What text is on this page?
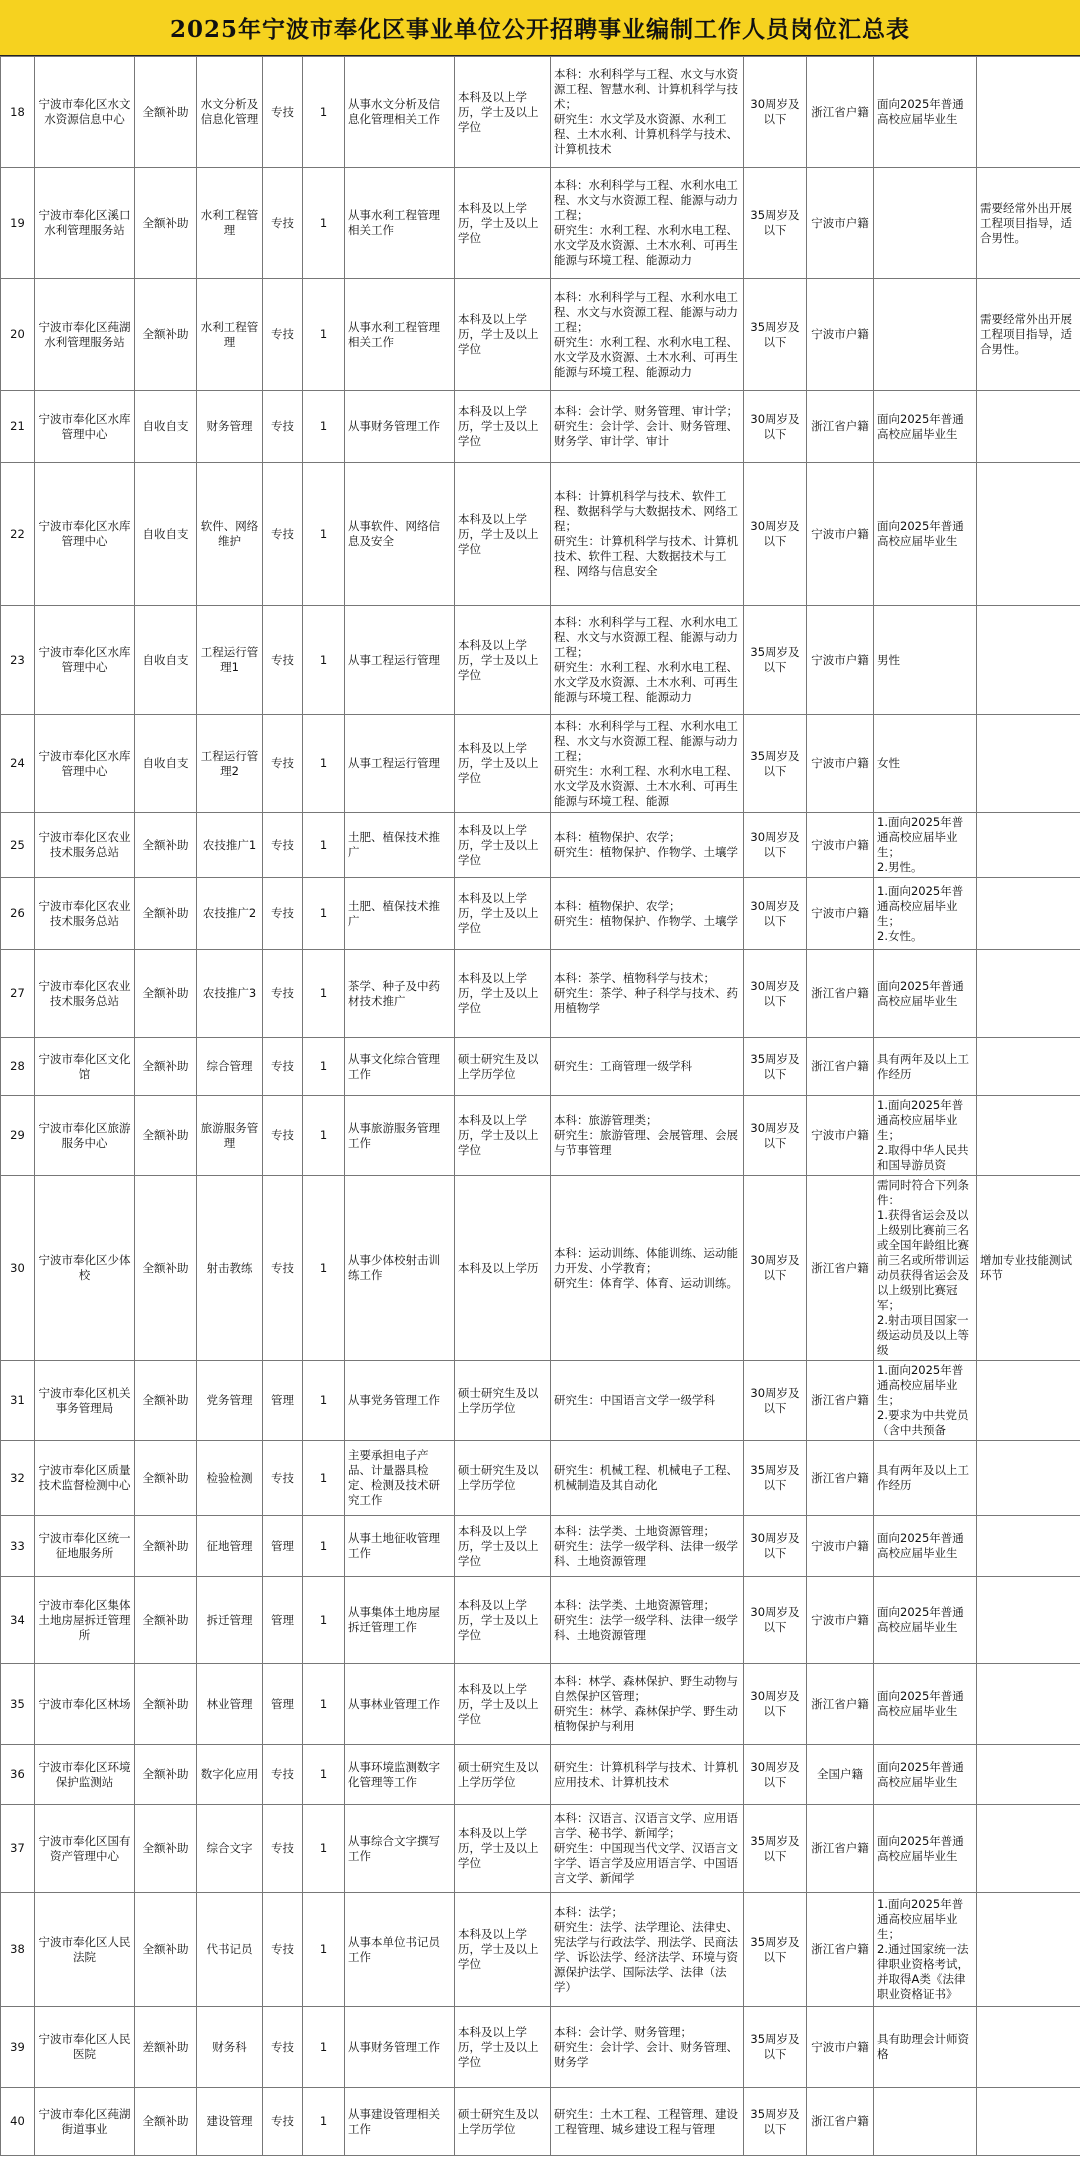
2025年宁波市奉化区事业单位公开招聘事业编制工作人员岗位汇总表
18	宁波市奉化区水文水资源信息中心	全额补助	水文分析及信息化管理	专技	1	从事水文分析及信息化管理相关工作	本科及以上学历，学士及以上学位	本科：水利科学与工程、水文与水资源工程、智慧水利、计算机科学与技术；
研究生：水文学及水资源、水利工程、土木水利、计算机科学与技术、计算机技术	30周岁及以下	浙江省户籍	面向2025年普通高校应届毕业生	
19	宁波市奉化区溪口水利管理服务站	全额补助	水利工程管理	专技	1	从事水利工程管理相关工作	本科及以上学历，学士及以上学位	本科：水利科学与工程、水利水电工程、水文与水资源工程、能源与动力工程；
研究生：水利工程、水利水电工程、水文学及水资源、土木水利、可再生能源与环境工程、能源动力	35周岁及以下	宁波市户籍		需要经常外出开展工程项目指导，适合男性。
20	宁波市奉化区莼湖水利管理服务站	全额补助	水利工程管理	专技	1	从事水利工程管理相关工作	本科及以上学历，学士及以上学位	本科：水利科学与工程、水利水电工程、水文与水资源工程、能源与动力工程；
研究生：水利工程、水利水电工程、水文学及水资源、土木水利、可再生能源与环境工程、能源动力	35周岁及以下	宁波市户籍		需要经常外出开展工程项目指导，适合男性。
21	宁波市奉化区水库管理中心	自收自支	财务管理	专技	1	从事财务管理工作	本科及以上学历，学士及以上学位	本科：会计学、财务管理、审计学；
研究生：会计学、会计、财务管理、财务学、审计学、审计	30周岁及以下	浙江省户籍	面向2025年普通高校应届毕业生	
22	宁波市奉化区水库管理中心	自收自支	软件、网络维护	专技	1	从事软件、网络信息及安全	本科及以上学历，学士及以上学位	本科：计算机科学与技术、软件工程、数据科学与大数据技术、网络工程；
研究生：计算机科学与技术、计算机技术、软件工程、大数据技术与工程、网络与信息安全	30周岁及以下	宁波市户籍	面向2025年普通高校应届毕业生	
23	宁波市奉化区水库管理中心	自收自支	工程运行管理1	专技	1	从事工程运行管理	本科及以上学历，学士及以上学位	本科：水利科学与工程、水利水电工程、水文与水资源工程、能源与动力工程；
研究生：水利工程、水利水电工程、水文学及水资源、土木水利、可再生能源与环境工程、能源动力	35周岁及以下	宁波市户籍	男性	
24	宁波市奉化区水库管理中心	自收自支	工程运行管理2	专技	1	从事工程运行管理	本科及以上学历，学士及以上学位	本科：水利科学与工程、水利水电工程、水文与水资源工程、能源与动力工程；
研究生：水利工程、水利水电工程、水文学及水资源、土木水利、可再生能源与环境工程、能源	35周岁及以下	宁波市户籍	女性	
25	宁波市奉化区农业技术服务总站	全额补助	农技推广1	专技	1	土肥、植保技术推广	本科及以上学历，学士及以上学位	本科：植物保护、农学；
研究生：植物保护、作物学、土壤学	30周岁及以下	宁波市户籍	1.面向2025年普通高校应届毕业生；
2.男性。	
26	宁波市奉化区农业技术服务总站	全额补助	农技推广2	专技	1	土肥、植保技术推广	本科及以上学历，学士及以上学位	本科：植物保护、农学；
研究生：植物保护、作物学、土壤学	30周岁及以下	宁波市户籍	1.面向2025年普通高校应届毕业生；
2.女性。	
27	宁波市奉化区农业技术服务总站	全额补助	农技推广3	专技	1	茶学、种子及中药材技术推广	本科及以上学历，学士及以上学位	本科：茶学、植物科学与技术；
研究生：茶学、种子科学与技术、药用植物学	30周岁及以下	浙江省户籍	面向2025年普通高校应届毕业生	
28	宁波市奉化区文化馆	全额补助	综合管理	专技	1	从事文化综合管理工作	硕士研究生及以上学历学位	研究生：工商管理一级学科	35周岁及以下	浙江省户籍	具有两年及以上工作经历	
29	宁波市奉化区旅游服务中心	全额补助	旅游服务管理	专技	1	从事旅游服务管理工作	本科及以上学历，学士及以上学位	本科：旅游管理类；
研究生：旅游管理、会展管理、会展与节事管理	30周岁及以下	宁波市户籍	1.面向2025年普通高校应届毕业生；
2.取得中华人民共和国导游员资	
30	宁波市奉化区少体校	全额补助	射击教练	专技	1	从事少体校射击训练工作	本科及以上学历	本科：运动训练、体能训练、运动能力开发、小学教育；
研究生：体育学、体育、运动训练。	30周岁及以下	浙江省户籍	需同时符合下列条件：
1.获得省运会及以上级别比赛前三名或全国年龄组比赛前三名或所带训运动员获得省运会及以上级别比赛冠军；
2.射击项目国家一级运动员及以上等级	增加专业技能测试环节
31	宁波市奉化区机关事务管理局	全额补助	党务管理	管理	1	从事党务管理工作	硕士研究生及以上学历学位	研究生：中国语言文学一级学科	30周岁及以下	浙江省户籍	1.面向2025年普通高校应届毕业生；
2.要求为中共党员（含中共预备	
32	宁波市奉化区质量技术监督检测中心	全额补助	检验检测	专技	1	主要承担电子产品、计量器具检定、检测及技术研究工作	硕士研究生及以上学历学位	研究生：机械工程、机械电子工程、机械制造及其自动化	35周岁及以下	浙江省户籍	具有两年及以上工作经历	
33	宁波市奉化区统一征地服务所	全额补助	征地管理	管理	1	从事土地征收管理工作	本科及以上学历，学士及以上学位	本科：法学类、土地资源管理；
研究生：法学一级学科、法律一级学科、土地资源管理	30周岁及以下	宁波市户籍	面向2025年普通高校应届毕业生	
34	宁波市奉化区集体土地房屋拆迁管理所	全额补助	拆迁管理	管理	1	从事集体土地房屋拆迁管理工作	本科及以上学历，学士及以上学位	本科：法学类、土地资源管理；
研究生：法学一级学科、法律一级学科、土地资源管理	30周岁及以下	宁波市户籍	面向2025年普通高校应届毕业生	
35	宁波市奉化区林场	全额补助	林业管理	管理	1	从事林业管理工作	本科及以上学历，学士及以上学位	本科：林学、森林保护、野生动物与自然保护区管理；
研究生：林学、森林保护学、野生动植物保护与利用	30周岁及以下	浙江省户籍	面向2025年普通高校应届毕业生	
36	宁波市奉化区环境保护监测站	全额补助	数字化应用	专技	1	从事环境监测数字化管理等工作	硕士研究生及以上学历学位	研究生：计算机科学与技术、计算机应用技术、计算机技术	30周岁及以下	全国户籍	面向2025年普通高校应届毕业生	
37	宁波市奉化区国有资产管理中心	全额补助	综合文字	专技	1	从事综合文字撰写工作	本科及以上学历，学士及以上学位	本科：汉语言、汉语言文学、应用语言学、秘书学、新闻学；
研究生：中国现当代文学、汉语言文字学、语言学及应用语言学、中国语言文学、新闻学	35周岁及以下	浙江省户籍	面向2025年普通高校应届毕业生	
38	宁波市奉化区人民法院	全额补助	代书记员	专技	1	从事本单位书记员工作	本科及以上学历，学士及以上学位	本科：法学；
研究生：法学、法学理论、法律史、宪法学与行政法学、刑法学、民商法学、诉讼法学、经济法学、环境与资源保护法学、国际法学、法律（法学）	35周岁及以下	浙江省户籍	1.面向2025年普通高校应届毕业生；
2.通过国家统一法律职业资格考试，并取得A类《法律职业资格证书》	
39	宁波市奉化区人民医院	差额补助	财务科	专技	1	从事财务管理工作	本科及以上学历，学士及以上学位	本科：会计学、财务管理；
研究生：会计学、会计、财务管理、财务学	35周岁及以下	宁波市户籍	具有助理会计师资格	
40	宁波市奉化区莼湖街道事业	全额补助	建设管理	专技	1	从事建设管理相关工作	硕士研究生及以上学历学位	研究生：土木工程、工程管理、建设工程管理、城乡建设工程与管理	35周岁及以下	浙江省户籍		
